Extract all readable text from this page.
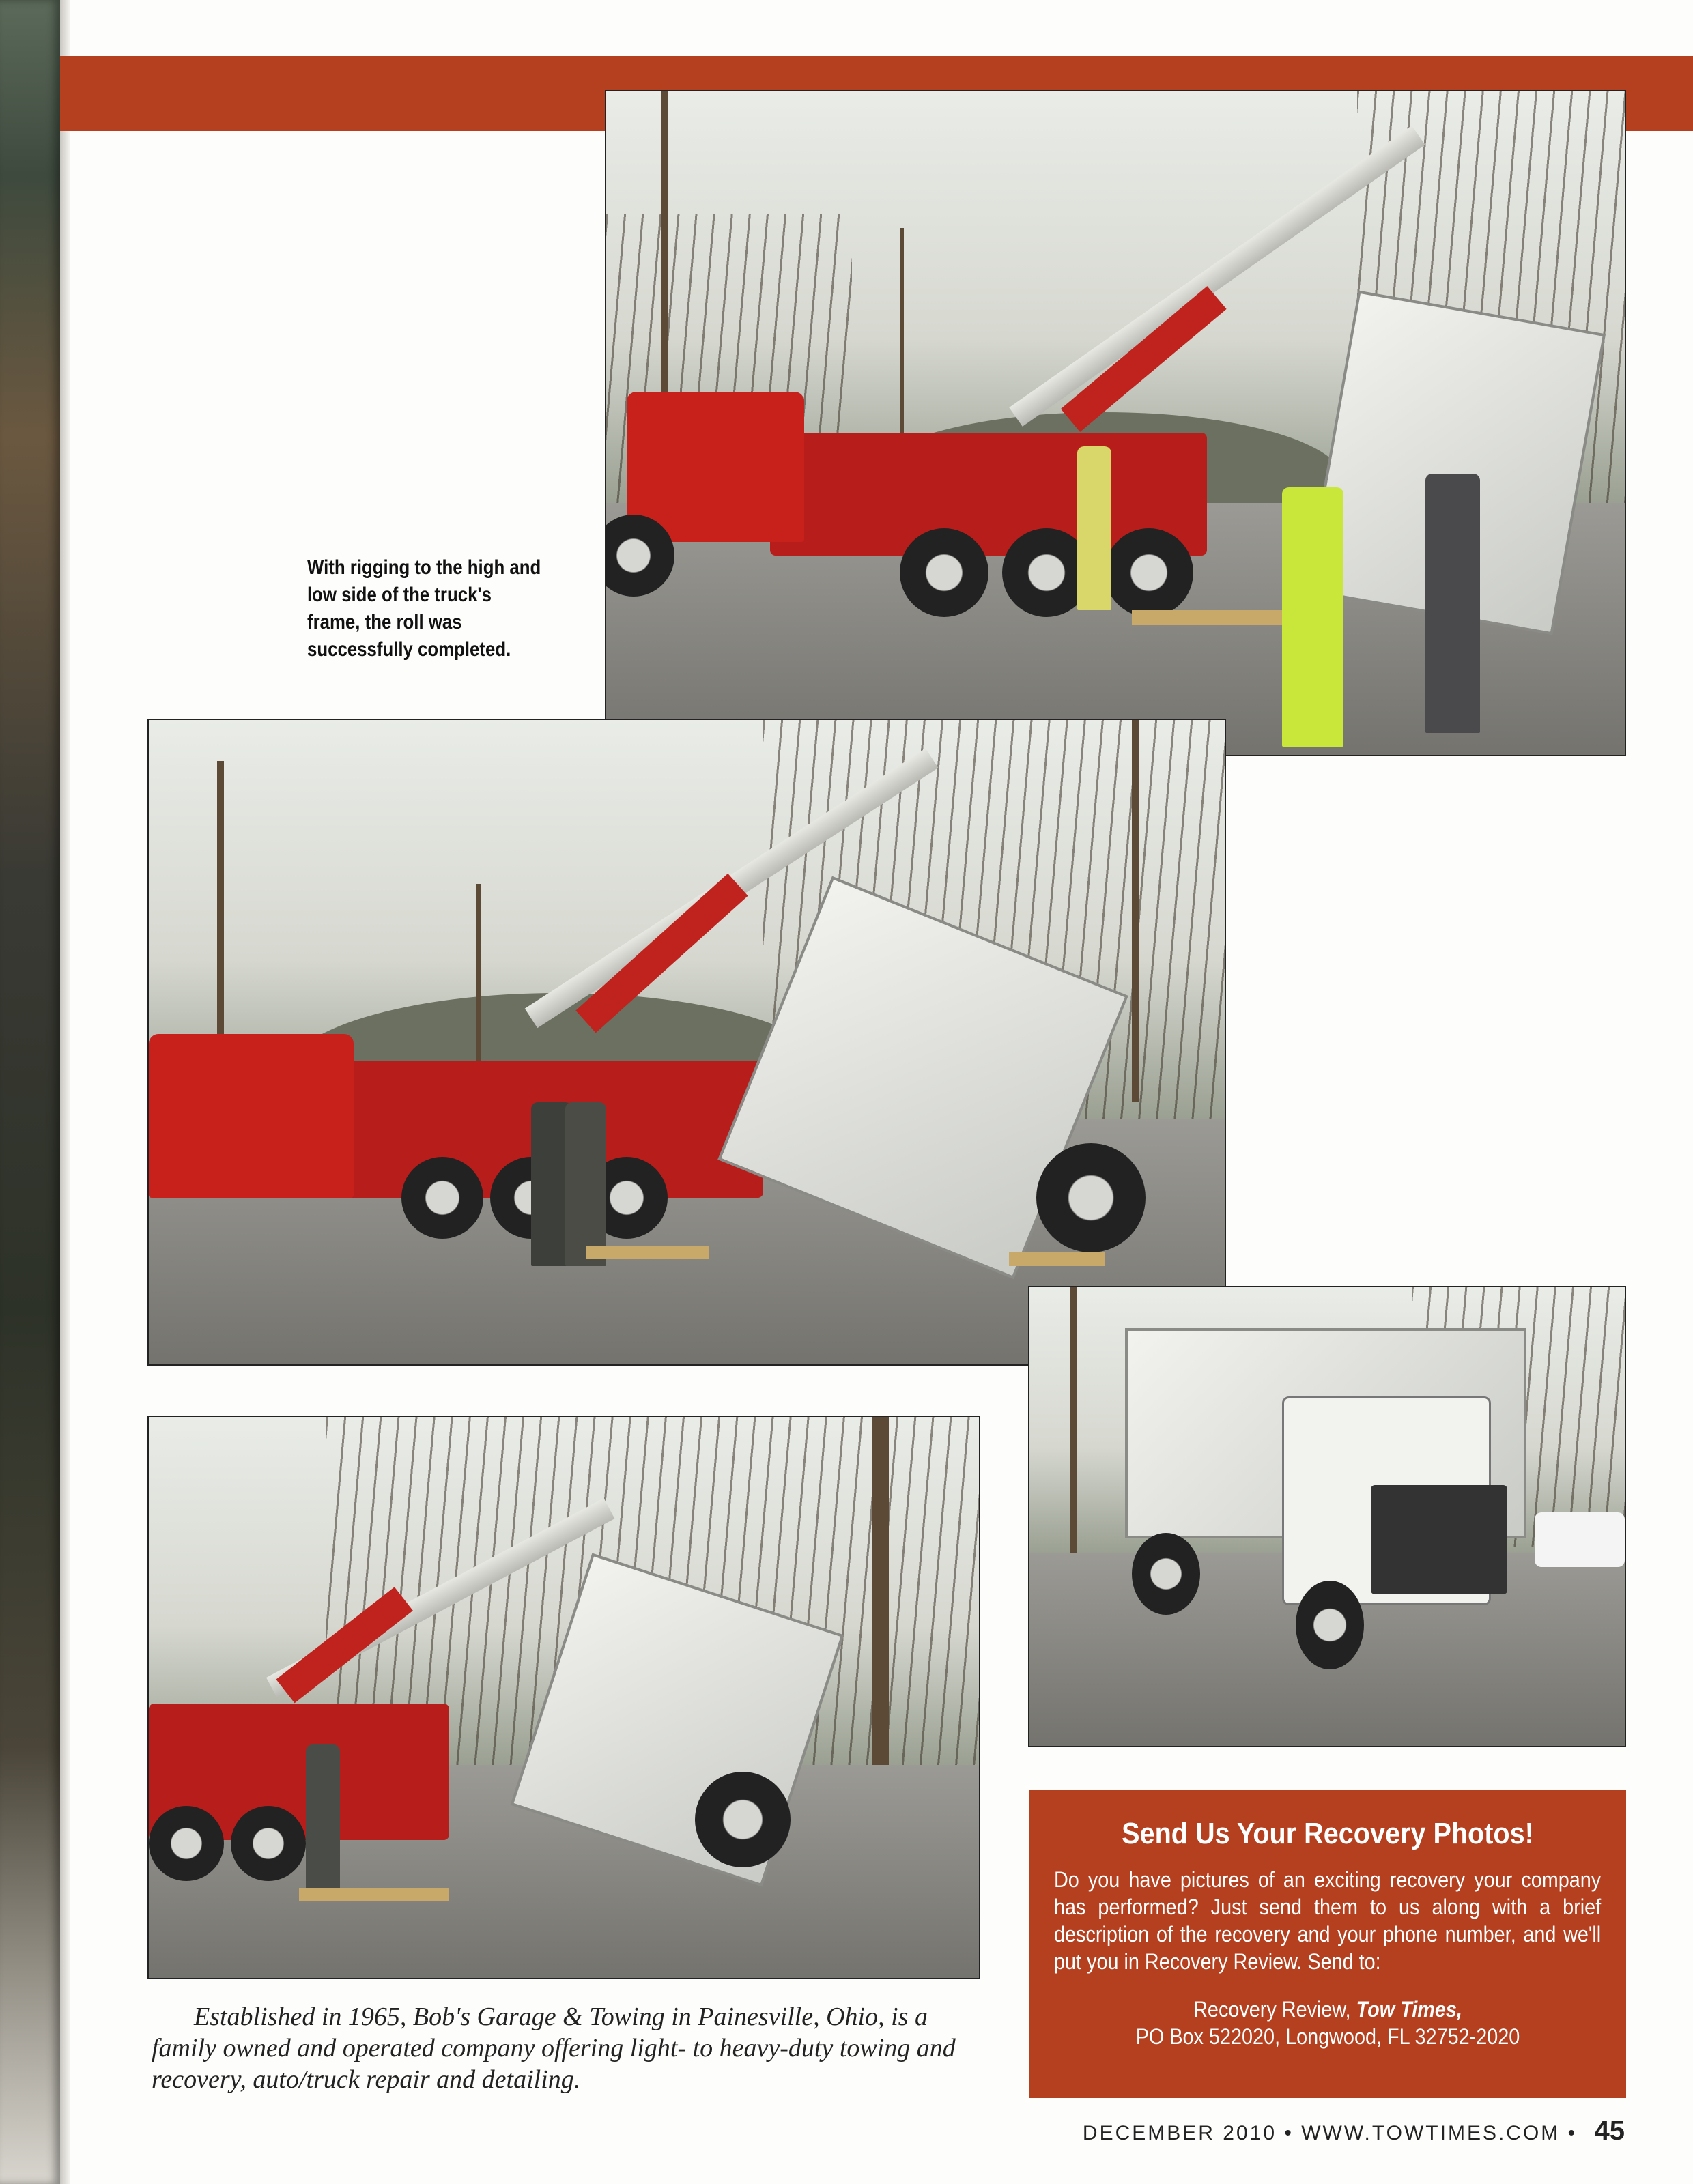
With rigging to the high and low side of the truck's frame, the roll was successfully completed.
Established in 1965, Bob's Garage & Towing in Painesville, Ohio, is a family owned and operated company offering light- to heavy-duty towing and recovery, auto/truck repair and detailing.
Send Us Your Recovery Photos!
Do you have pictures of an exciting recovery your company has performed? Just send them to us along with a brief description of the recovery and your phone number, and we'll put you in Recovery Review. Send to:
Recovery Review, Tow Times,
PO Box 522020, Longwood, FL 32752-2020
DECEMBER 2010 • WWW.TOWTIMES.COM • 45
